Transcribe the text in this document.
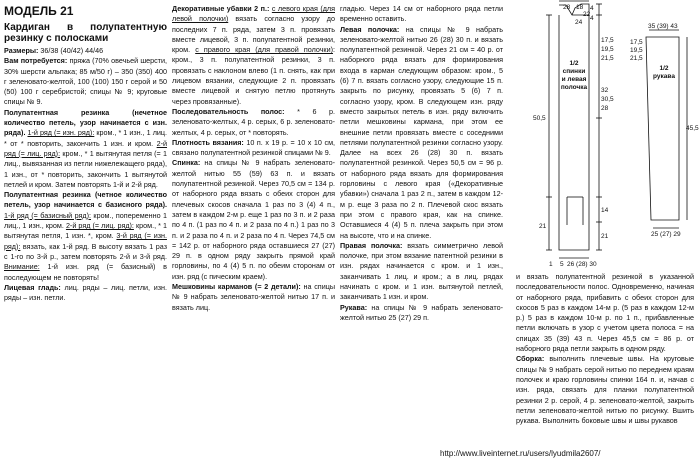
МОДЕЛЬ 21
Кардиган в полупатентную резинку с полосками

Размеры: 36/38 (40/42) 44/46

Вам потребуется: пряжа (70% овечьей шерсти, 30% шерсти альпака; 85 м/50 г) – 350 (350) 400 г зеленовато-желтой, 100 (100) 150 г серой и 50 (50) 100 г серебристой; спицы № 9; круговые спицы № 9.

Полупатентная резинка (нечетное количество петель, узор начинается с изн. ряда). 1-й ряд (= изн. ряд): кром., * 1 изн., 1 лиц. * от * повторить, закончить 1 изн. и кром. 2-й ряд (= лиц. ряд): кром., * 1 вытянутая петля (= 1 лиц., вывязанная из петли нижележащего ряда), 1 изн., от * повторить, закончить 1 вытянутой петлей и кром. Затем повторять 1-й и 2-й ряд.

Полупатентная резинка (четное количество петель, узор начинается с базисного ряда). 1-й ряд (= базисный ряд): кром., попеременно 1 лиц., 1 изн., кром. 2-й ряд (= лиц. ряд): кром., * 1 вытянутая петля, 1 изн. *, кром. 3-й ряд (= изн. ряд): вязать, как 1-й ряд. В высоту вязать 1 раз с 1-го по 3-й р., затем повторять 2-й и 3-й ряд. Внимание: 1-й изн. ряд (= базисный) в последующем не повторять!

Лицевая гладь: лиц. ряды – лиц. петли, изн. ряды – изн. петли.

Декоративные убавки 2 п.: с левого края (для левой полочки) вязать согласно узору до последних 7 п. ряда, затем 3 п. провязать вместе лицевой, 3 п. полупатентной резинки, кром. с правого края (для правой полочки): кром., 3 п. полупатентной резинки, 3 п. провязать с наклоном влево (1 п. снять, как при лицевом вязании, следующие 2 п. провязать вместе лицевой и снятую петлю протянуть через провязанные).

Последовательность полос: * 6 р. зеленовато-желтых, 4 р. серых, 6 р. зеленовато-желтых, 4 р. серых, от * повторять.

Плотность вязания: 10 п. x 19 р. = 10 x 10 см, связано полупатентной резинкой спицами № 9.

Спинка: на спицы № 9 набрать зеленовато-желтой нитью 55 (59) 63 п. и вязать полупатентной резинкой. Через 70,5 см = 134 р. от наборного ряда вязать с обеих сторон для плечевых скосов сначала 1 раз по 3 (4) 4 п., затем в каждом 2-м р. еще 1 раз по 3 п. и 2 раза по 4 п. (1 раз по 4 п. и 2 раза по 4 п.) 1 раз по 3 п. и 2 раза по 4 п. и 2 раза по 4 п. Через 74,5 см = 142 р. от наборного ряда оставшиеся 27 (27) 29 п. в одном ряду закрыть прямой край горловины, по 4 (4) 5 п. по обеим сторонам от изн. ряд (с пическим краем).

Мешковины карманов (= 2 детали): на спицы № 9 набрать зеленовато-желтой нитью 17 п. и вязать лиц.

гладью. Через 14 см от наборного ряда петли временно оставить.

Левая полочка: на спицы № 9 набрать зеленовато-желтой нитью 26 (28) 30 п. и вязать полупатентной резинкой. Через 21 см = 40 р. от наборного ряда вязать для формирования входа в карман следующим образом: кром., 5 (6) 7 п. вязать согласно узору, следующие 15 п. закрыть по рисунку, провязать 5 (6) 7 п. согласно узору, кром. В следующем изн. ряду вместо закрытых петель в изн. ряду включить петли мешковины кармана, при этом ее внешние петли провязать вместе с соседними петлями полупатентной резинки согласно узору. Далее на всех 26 (28) 30 п. вязать полупатентной резинкой. Через 50,5 см = 96 р. от наборного ряда вязать для формирования горловины с левого края («Декоративные убавки») сначала 1 раз 2 п., затем в каждом 12-м р. еще 3 раза по 2 п. Плечевой скос вязать при этом с правого края, как на спинке. Оставшиеся 4 (4) 5 п. плеча закрыть при этом на высоте, что и на спинке.

Правая полочка: вязать симметрично левой полочке, при этом вязание патентной резинки в изн. рядах начинается с кром. и 1 изн., заканчивать 1 лиц. и кром.; а в лиц. рядах начинать с кром. и 1 изн. вытянутой петлей, заканчивать 1 изн. и кром.

Рукава: на спицы № 9 набрать зеленовато-желтой нитью 25 (27) 29 п.

28 18
22
24
4
4
50,5
21
17,5
19,5
21,5
32
30,5
28
14
21
1 5 26 (28) 30
1/2 спинки и левая полочка
1/2 рукава
35 (39) 43
17,5
19,5
21,5
45,5
25 (27) 29

и вязать полупатентной резинкой в указанной последовательности полос. Одновременно, начиная от наборного ряда, прибавить с обеих сторон для скосов 5 раз в каждом 14-м р. (5 раз в каждом 12-м р.) 5 раз в каждом 10-м р. по 1 п., прибавленные петли включать в узор с учетом цвета полоса = на спицах 35 (39) 43 п. Через 45,5 см = 86 р. от наборного ряда петли закрыть в одном ряду.

Сборка: выполнить плечевые швы. На круговые спицы № 9 набрать серой нитью по переднем краям полочек и краю горловины спинки 164 п. и, начав с изн. ряда, связать для планки полупатентной резинки 2 р. серой, 4 р. зеленовато-желтой, закрыть петли зеленовато-желтой нитью по рисунку. Вшить рукава. Выполнить боковые швы и швы рукавов

http://www.liveinternet.ru/users/lyudmila2607/
